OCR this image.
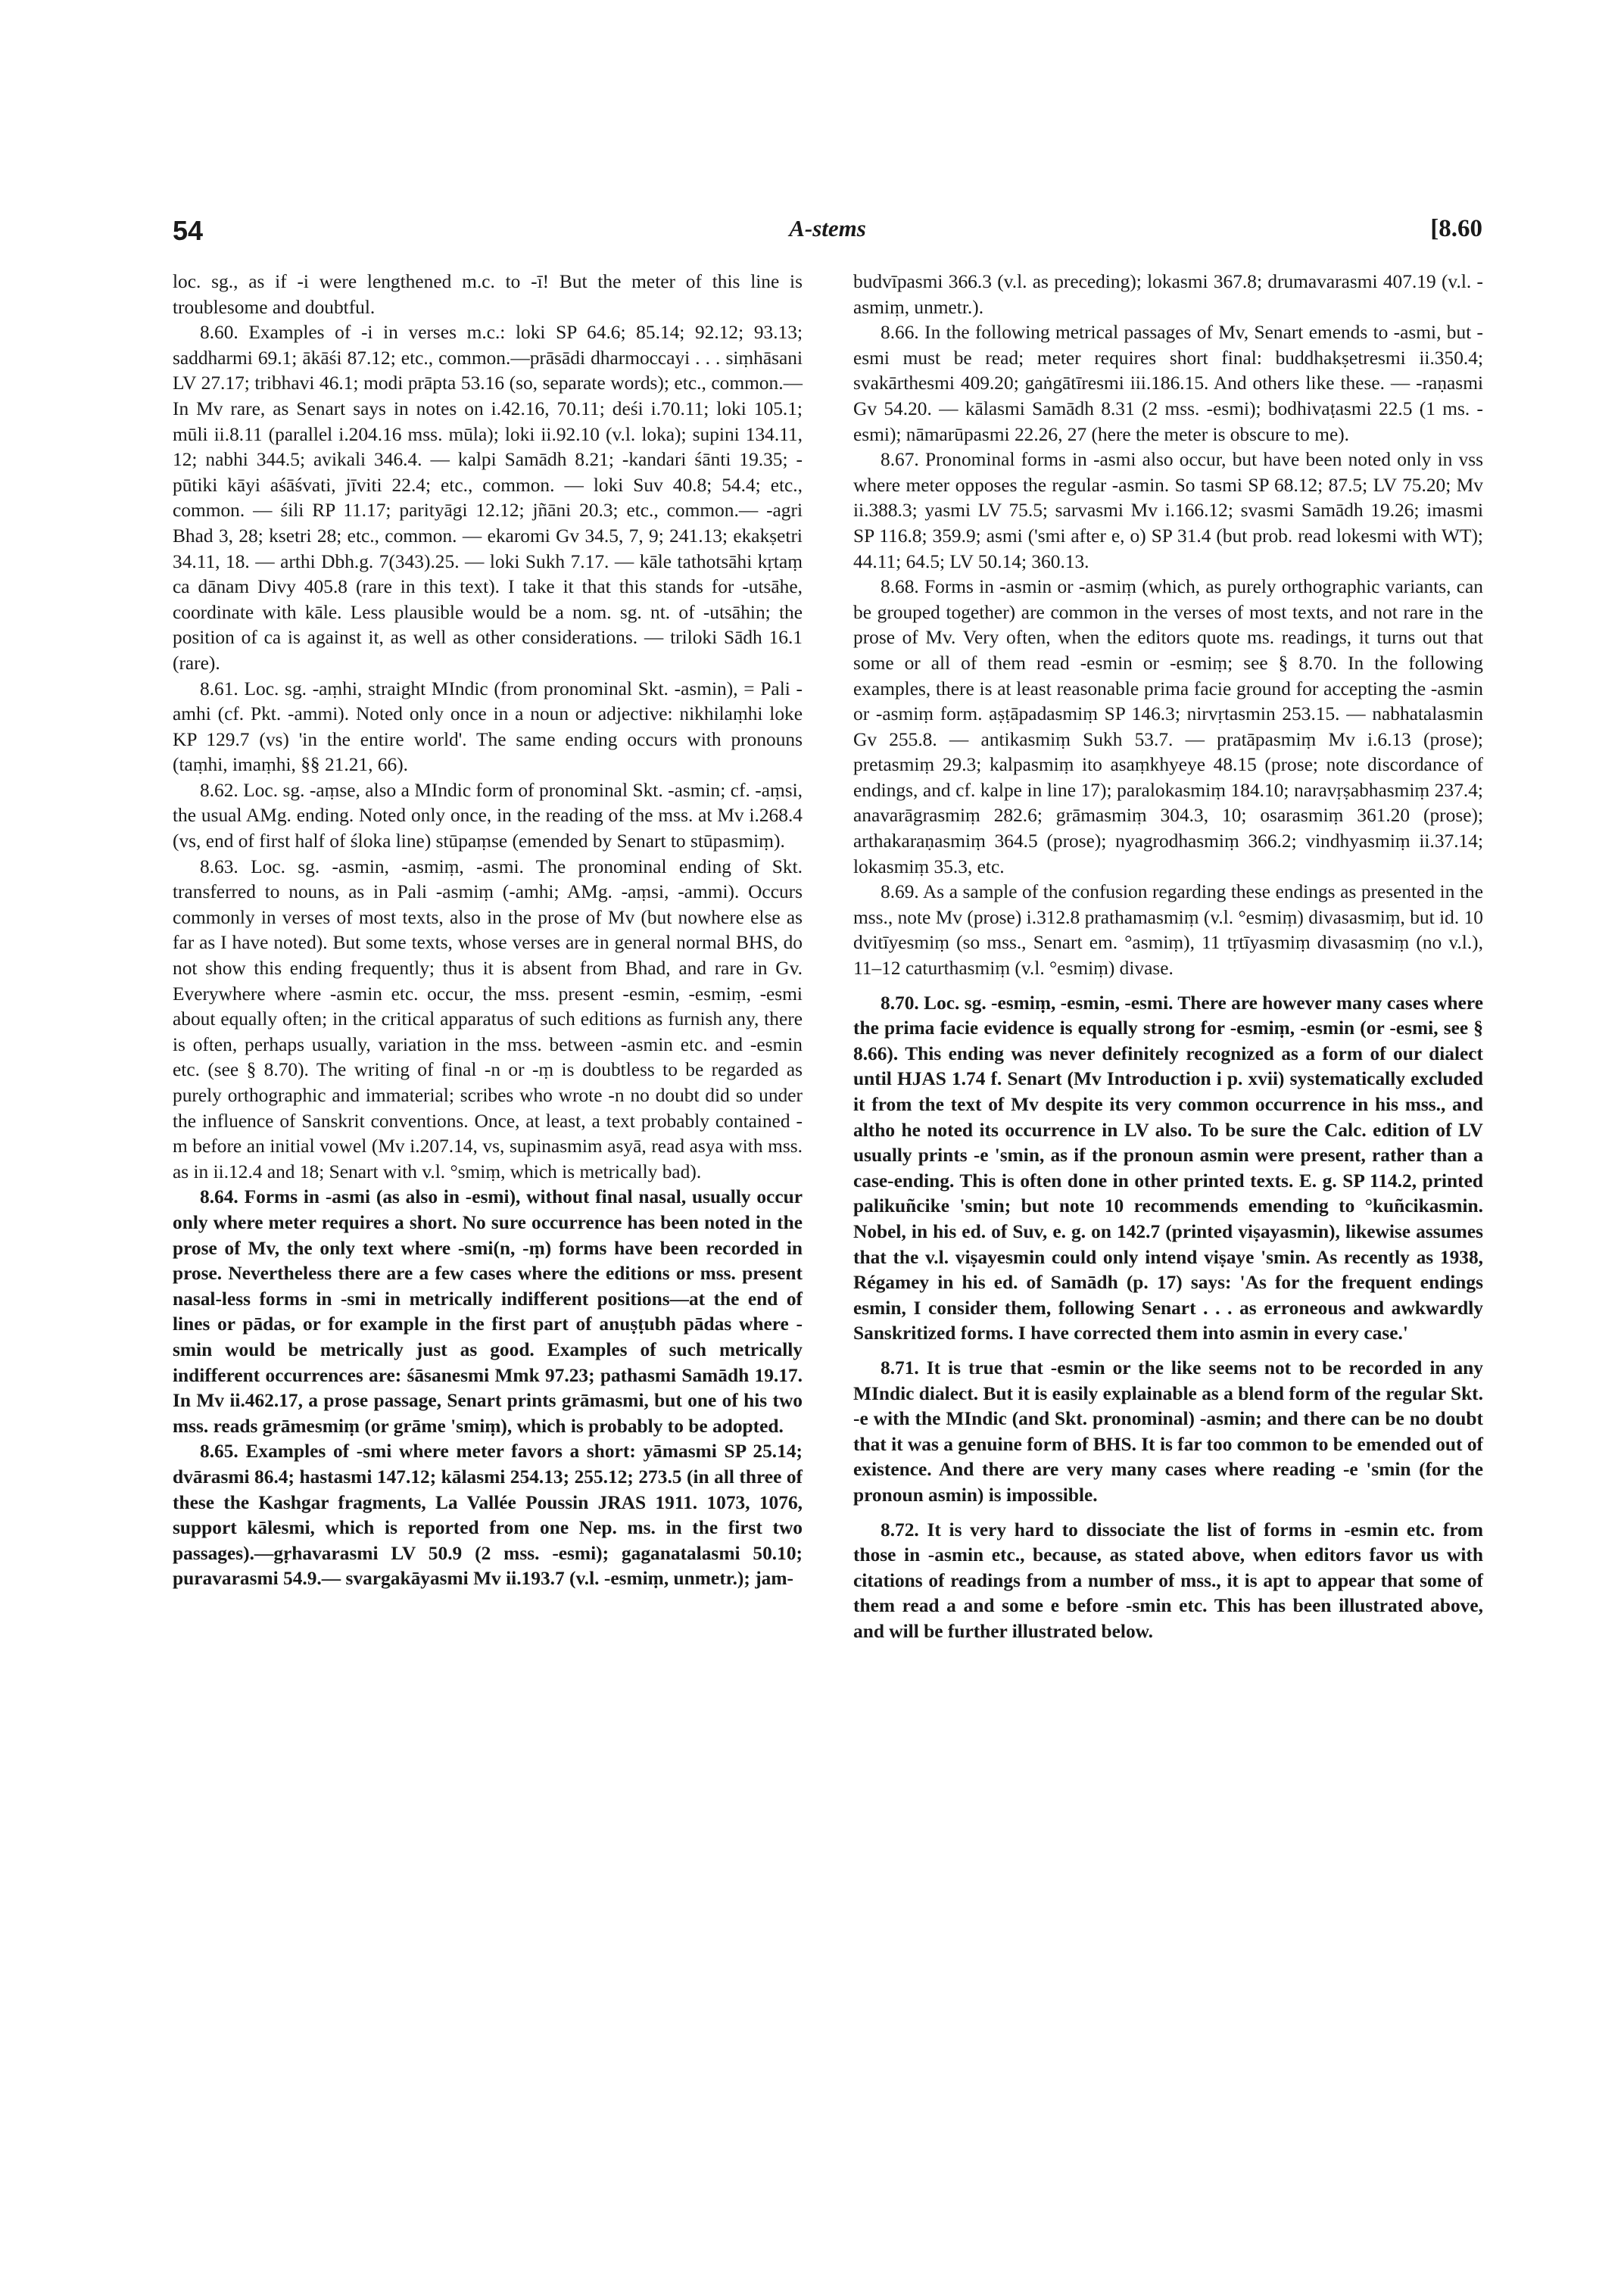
54	A-stems	[8.60

loc. sg., as if -i were lengthened m.c. to -ī! But the meter of this line is troublesome and doubtful.

8.60. Examples of -i in verses m.c.: loki SP 64.6; 85.14; 92.12; 93.13; saddharmi 69.1; ākāśi 87.12; etc., common.—prāsādi dharmoccayi . . . siṃhāsani LV 27.17; tribhavi 46.1; modi prāpta 53.16 (so, separate words); etc., common.—In Mv rare, as Senart says in notes on i.42.16, 70.11; deśi i.70.11; loki 105.1; mūli ii.8.11 (parallel i.204.16 mss. mūla); loki ii.92.10 (v.l. loka); supini 134.11, 12; nabhi 344.5; avikali 346.4. — kalpi Samādh 8.21; -kandari śānti 19.35; -pūtiki kāyi aśāśvati, jīviti 22.4; etc., common. — loki Suv 40.8; 54.4; etc., common. — śili RP 11.17; parityāgi 12.12; jñāni 20.3; etc., common.— -agri Bhad 3, 28; ksetri 28; etc., common. — ekaromi Gv 34.5, 7, 9; 241.13; ekakṣetri 34.11, 18. — arthi Dbh.g. 7(343).25. — loki Sukh 7.17. — kāle tathotsāhi kṛtaṃ ca dānam Divy 405.8 (rare in this text). I take it that this stands for -utsāhe, coordinate with kāle. Less plausible would be a nom. sg. nt. of -utsāhin; the position of ca is against it, as well as other considerations. — triloki Sādh 16.1 (rare).

8.61. Loc. sg. -aṃhi, straight MIndic (from pronominal Skt. -asmin), = Pali -amhi (cf. Pkt. -ammi). Noted only once in a noun or adjective: nikhilaṃhi loke KP 129.7 (vs) 'in the entire world'. The same ending occurs with pronouns (taṃhi, imaṃhi, §§ 21.21, 66).

8.62. Loc. sg. -aṃse, also a MIndic form of pronominal Skt. -asmin; cf. -aṃsi, the usual AMg. ending. Noted only once, in the reading of the mss. at Mv i.268.4 (vs, end of first half of śloka line) stūpaṃse (emended by Senart to stūpasmiṃ).

8.63. Loc. sg. -asmin, -asmiṃ, -asmi. The pronominal ending of Skt. transferred to nouns, as in Pali -asmiṃ (-amhi; AMg. -aṃsi, -ammi). Occurs commonly in verses of most texts, also in the prose of Mv (but nowhere else as far as I have noted). But some texts, whose verses are in general normal BHS, do not show this ending frequently; thus it is absent from Bhad, and rare in Gv. Everywhere where -asmin etc. occur, the mss. present -esmin, -esmiṃ, -esmi about equally often; in the critical apparatus of such editions as furnish any, there is often, perhaps usually, variation in the mss. between -asmin etc. and -esmin etc. (see § 8.70). The writing of final -n or -ṃ is doubtless to be regarded as purely orthographic and immaterial; scribes who wrote -n no doubt did so under the influence of Sanskrit conventions. Once, at least, a text probably contained -m before an initial vowel (Mv i.207.14, vs, supinasmim asyā, read asya with mss. as in ii.12.4 and 18; Senart with v.l. °smiṃ, which is metrically bad).

8.64. Forms in -asmi (as also in -esmi), without final nasal, usually occur only where meter requires a short. No sure occurrence has been noted in the prose of Mv, the only text where -smi(n, -ṃ) forms have been recorded in prose. Nevertheless there are a few cases where the editions or mss. present nasal-less forms in -smi in metrically indifferent positions—at the end of lines or pādas, or for example in the first part of anuṣṭubh pādas where -smin would be metrically just as good. Examples of such metrically indifferent occurrences are: śāsanesmi Mmk 97.23; pathasmi Samādh 19.17. In Mv ii.462.17, a prose passage, Senart prints grāmasmi, but one of his two mss. reads grāmesmiṃ (or grāme 'smiṃ), which is probably to be adopted.

8.65. Examples of -smi where meter favors a short: yāmasmi SP 25.14; dvārasmi 86.4; hastasmi 147.12; kālasmi 254.13; 255.12; 273.5 (in all three of these the Kashgar fragments, La Vallée Poussin JRAS 1911. 1073, 1076, support kālesmi, which is reported from one Nep. ms. in the first two passages).—gṛhavarasmi LV 50.9 (2 mss. -esmi); gaganatalasmi 50.10; puravarasmi 54.9.— svargakāyasmi Mv ii.193.7 (v.l. -esmiṃ, unmetr.); jam-

budvīpasmi 366.3 (v.l. as preceding); lokasmi 367.8; drumavarasmi 407.19 (v.l. -asmiṃ, unmetr.).

8.66. In the following metrical passages of Mv, Senart emends to -asmi, but -esmi must be read; meter requires short final: buddhakṣetresmi ii.350.4; svakārthesmi 409.20; gaṅgātīresmi iii.186.15. And others like these. — -raṇasmi Gv 54.20. — kālasmi Samādh 8.31 (2 mss. -esmi); bodhivaṭasmi 22.5 (1 ms. -esmi); nāmarūpasmi 22.26, 27 (here the meter is obscure to me).

8.67. Pronominal forms in -asmi also occur, but have been noted only in vss where meter opposes the regular -asmin. So tasmi SP 68.12; 87.5; LV 75.20; Mv ii.388.3; yasmi LV 75.5; sarvasmi Mv i.166.12; svasmi Samādh 19.26; imasmi SP 116.8; 359.9; asmi ('smi after e, o) SP 31.4 (but prob. read lokesmi with WT); 44.11; 64.5; LV 50.14; 360.13.

8.68. Forms in -asmin or -asmiṃ (which, as purely orthographic variants, can be grouped together) are common in the verses of most texts, and not rare in the prose of Mv. Very often, when the editors quote ms. readings, it turns out that some or all of them read -esmin or -esmiṃ; see § 8.70. In the following examples, there is at least reasonable prima facie ground for accepting the -asmin or -asmiṃ form. aṣṭāpadasmiṃ SP 146.3; nirvṛtasmin 253.15. — nabhatalasmin Gv 255.8. — antikasmiṃ Sukh 53.7. — pratāpasmiṃ Mv i.6.13 (prose); pretasmiṃ 29.3; kalpasmiṃ ito asaṃkhyeye 48.15 (prose; note discordance of endings, and cf. kalpe in line 17); paralokasmiṃ 184.10; naravṛṣabhasmiṃ 237.4; anavarāgrasmiṃ 282.6; grāmasmiṃ 304.3, 10; osarasmiṃ 361.20 (prose); arthakaraṇasmiṃ 364.5 (prose); nyagrodhasmiṃ 366.2; vindhyasmiṃ ii.37.14; lokasmiṃ 35.3, etc.

8.69. As a sample of the confusion regarding these endings as presented in the mss., note Mv (prose) i.312.8 prathamasmiṃ (v.l. °esmiṃ) divasasmiṃ, but id. 10 dvitīyesmiṃ (so mss., Senart em. °asmiṃ), 11 tṛtīyasmiṃ divasasmiṃ (no v.l.), 11–12 caturthasmiṃ (v.l. °esmiṃ) divase.

8.70. Loc. sg. -esmiṃ, -esmin, -esmi. There are however many cases where the prima facie evidence is equally strong for -esmiṃ, -esmin (or -esmi, see § 8.66). This ending was never definitely recognized as a form of our dialect until HJAS 1.74 f. Senart (Mv Introduction i p. xvii) systematically excluded it from the text of Mv despite its very common occurrence in his mss., and altho he noted its occurrence in LV also. To be sure the Calc. edition of LV usually prints -e 'smin, as if the pronoun asmin were present, rather than a case-ending. This is often done in other printed texts. E. g. SP 114.2, printed palikuñcike 'smin; but note 10 recommends emending to °kuñcikasmin. Nobel, in his ed. of Suv, e. g. on 142.7 (printed viṣayasmin), likewise assumes that the v.l. viṣayesmin could only intend viṣaye 'smin. As recently as 1938, Régamey in his ed. of Samādh (p. 17) says: 'As for the frequent endings esmin, I consider them, following Senart . . . as erroneous and awkwardly Sanskritized forms. I have corrected them into asmin in every case.'

8.71. It is true that -esmin or the like seems not to be recorded in any MIndic dialect. But it is easily explainable as a blend form of the regular Skt. -e with the MIndic (and Skt. pronominal) -asmin; and there can be no doubt that it was a genuine form of BHS. It is far too common to be emended out of existence. And there are very many cases where reading -e 'smin (for the pronoun asmin) is impossible.

8.72. It is very hard to dissociate the list of forms in -esmin etc. from those in -asmin etc., because, as stated above, when editors favor us with citations of readings from a number of mss., it is apt to appear that some of them read a and some e before -smin etc. This has been illustrated above, and will be further illustrated below.
